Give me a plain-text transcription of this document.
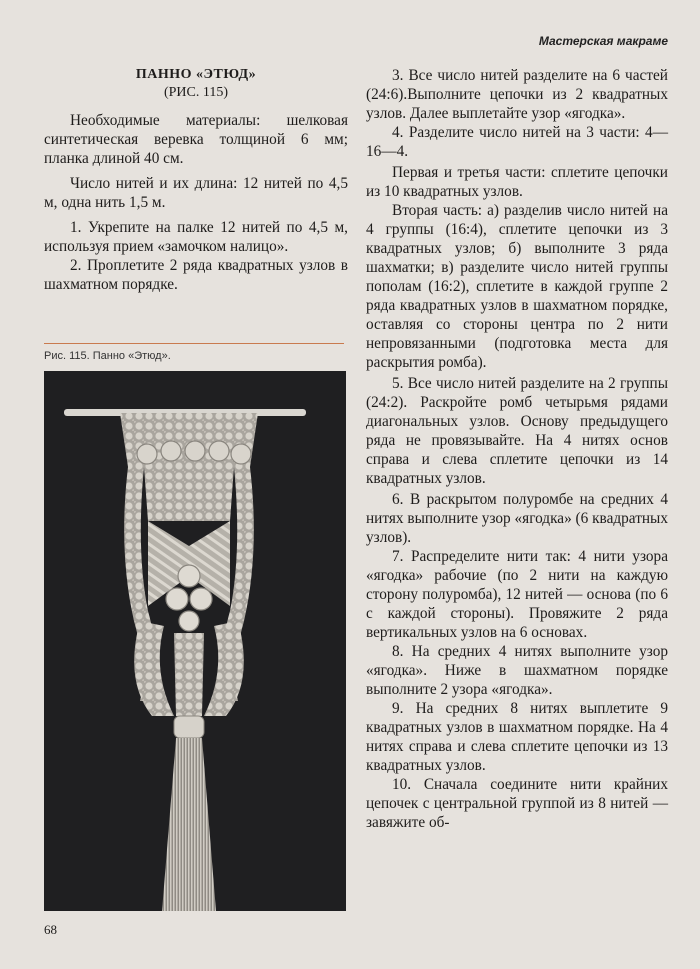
Мастерская макраме
ПАННО «ЭТЮД»
(РИС. 115)

Необходимые материалы: шелковая синтетическая веревка толщиной 6 мм; планка длиной 40 см.

Число нитей и их длина: 12 нитей по 4,5 м, одна нить 1,5 м.

1. Укрепите на палке 12 нитей по 4,5 м, используя прием «замочком налицо».

2. Проплетите 2 ряда квадратных узлов в шахматном порядке.

Рис. 115. Панно «Этюд».

3. Все число нитей разделите на 6 частей (24:6).Выполните цепочки из 2 квадратных узлов. Далее выплетайте узор «ягодка».

4. Разделите число нитей на 3 части: 4—16—4.

Первая и третья части: сплетите цепочки из 10 квадратных узлов.

Вторая часть: а) разделив число нитей на 4 группы (16:4), сплетите цепочки из 3 квадратных узлов; б) выполните 3 ряда шахматки; в) разделите число нитей группы пополам (16:2), сплетите в каждой группе 2 ряда квадратных узлов в шахматном порядке, оставляя со стороны центра по 2 нити непровязанными (подготовка места для раскрытия ромба).

5. Все число нитей разделите на 2 группы (24:2). Раскройте ромб четырьмя рядами диагональных узлов. Основу предыдущего ряда не провязывайте. На 4 нитях основ справа и слева сплетите цепочки из 14 квадратных узлов.

6. В раскрытом полуромбе на средних 4 нитях выполните узор «ягодка» (6 квадратных узлов).

7. Распределите нити так: 4 нити узора «ягодка» рабочие (по 2 нити на каждую сторону полуромба), 12 нитей — основа (по 6 с каждой стороны). Провяжите 2 ряда вертикальных узлов на 6 основах.

8. На средних 4 нитях выполните узор «ягодка». Ниже в шахматном порядке выполните 2 узора «ягодка».

9. На средних 8 нитях выплетите 9 квадратных узлов в шахматном порядке. На 4 нитях справа и слева сплетите цепочки из 13 квадратных узлов.

10. Сначала соедините нити крайних цепочек с центральной группой из 8 нитей — завяжите об-

68
